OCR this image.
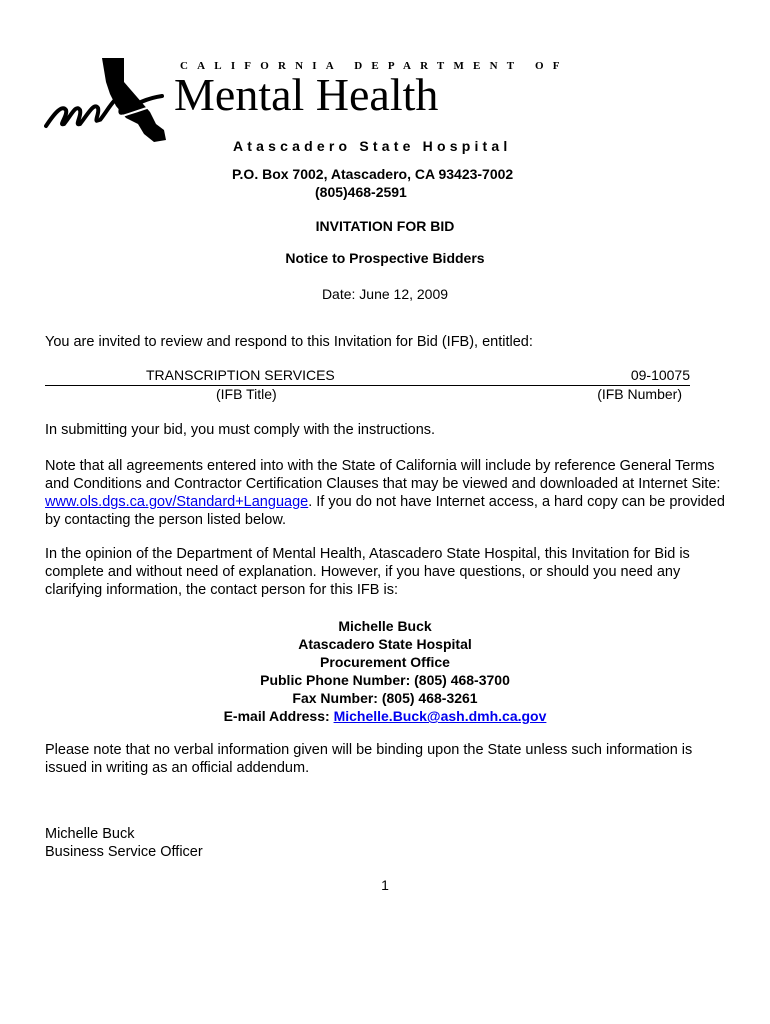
CALIFORNIA DEPARTMENT OF
Mental Health
Atascadero State Hospital
P.O. Box 7002, Atascadero, CA 93423-7002
(805)468-2591
INVITATION FOR BID
Notice to Prospective Bidders
Date: June 12, 2009
You are invited to review and respond to this Invitation for Bid (IFB), entitled:
TRANSCRIPTION SERVICES	09-10075
(IFB Title)	(IFB Number)
In submitting your bid, you must comply with the instructions.
Note that all agreements entered into with the State of California will include by reference General Terms and Conditions and Contractor Certification Clauses that may be viewed and downloaded at Internet Site: www.ols.dgs.ca.gov/Standard+Language. If you do not have Internet access, a hard copy can be provided by contacting the person listed below.
In the opinion of the Department of Mental Health, Atascadero State Hospital, this Invitation for Bid is complete and without need of explanation. However, if you have questions, or should you need any clarifying information, the contact person for this IFB is:
Michelle Buck
Atascadero State Hospital
Procurement Office
Public Phone Number: (805) 468-3700
Fax Number: (805) 468-3261
E-mail Address: Michelle.Buck@ash.dmh.ca.gov
Please note that no verbal information given will be binding upon the State unless such information is issued in writing as an official addendum.
Michelle Buck
Business Service Officer
1
